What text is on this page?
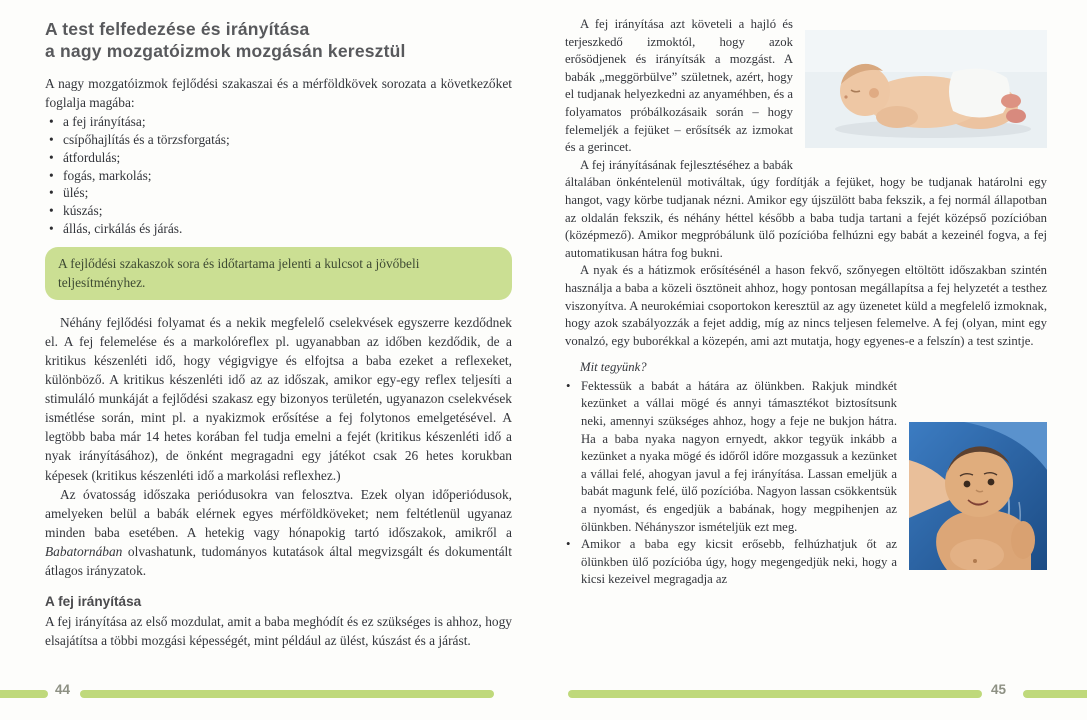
A test felfedezése és irányítása
a nagy mozgatóizmok mozgásán keresztül

A nagy mozgatóizmok fejlődési szakaszai és a mérföldkövek sorozata a következőket foglalja magába:

• a fej irányítása;
• csípőhajlítás és a törzsforgatás;
• átfordulás;
• fogás, markolás;
• ülés;
• kúszás;
• állás, cirkálás és járás.

A fejlődési szakaszok sora és időtartama jelenti a kulcsot a jövőbeli teljesítményhez.

Néhány fejlődési folyamat és a nekik megfelelő cselekvések egyszerre kezdődnek el. A fej felemelése és a markolóreflex pl. ugyanabban az időben kezdődik, de a kritikus készenléti idő, hogy végigvigye és elfojtsa a baba ezeket a reflexeket, különböző. A kritikus készenléti idő az az időszak, amikor egy-egy reflex teljesíti a stimuláló munkáját a fejlődési szakasz egy bizonyos területén, ugyanazon cselekvések ismétlése során, mint pl. a nyakizmok erősítése a fej folytonos emelgetésével. A legtöbb baba már 14 hetes korában fel tudja emelni a fejét (kritikus készenléti idő a nyak irányításához), de önként megragadni egy játékot csak 26 hetes korukban képesek (kritikus készenléti idő a markolási reflexhez.)

Az óvatosság időszaka periódusokra van felosztva. Ezek olyan időperiódusok, amelyeken belül a babák elérnek egyes mérföldköveket; nem feltétlenül ugyanaz minden baba esetében. A hetekig vagy hónapokig tartó időszakok, amikről a Babatornában olvashatunk, tudományos kutatások által megvizsgált és dokumentált átlagos irányzatok.

A fej irányítása

A fej irányítása az első mozdulat, amit a baba meghódít és ez szükséges is ahhoz, hogy elsajátítsa a többi mozgási képességét, mint például az ülést, kúszást és a járást.

A fej irányítása azt követeli a hajló és terjeszkedő izmoktól, hogy azok erősödjenek és irányítsák a mozgást. A babák „meggörbülve” születnek, azért, hogy el tudjanak helyezkedni az anyaméhben, és a folyamatos próbálkozásaik során – hogy felemeljék a fejüket – erősítsék az izmokat és a gerincet.

A fej irányításának fejlesztéséhez a babák általában önkéntelenül motiváltak, úgy fordítják a fejüket, hogy be tudjanak határolni egy hangot, vagy körbe tudjanak nézni. Amikor egy újszülött baba fekszik, a fej normál állapotban az oldalán fekszik, és néhány héttel később a baba tudja tartani a fejét középső pozícióban (középmező). Amikor megpróbálunk ülő pozícióba felhúzni egy babát a kezeinél fogva, a fej automatikusan hátra fog bukni.

A nyak és a hátizmok erősítésénél a hason fekvő, szőnyegen eltöltött időszakban szintén használja a baba a közeli ösztöneit ahhoz, hogy pontosan megállapítsa a fej helyzetét a testhez viszonyítva. A neurokémiai csoportokon keresztül az agy üzenetet küld a megfelelő izmoknak, hogy azok szabályozzák a fejet addig, míg az nincs teljesen felemelve. A fej (olyan, mint egy vonalzó, egy buborékkal a közepén, ami azt mutatja, hogy egyenes-e a felszín) a test szintje.

Mit tegyünk?

• Fektessük a babát a hátára az ölünkben. Rakjuk mindkét kezünket a vállai mögé és annyi támasztékot biztosítsunk neki, amennyi szükséges ahhoz, hogy a feje ne bukjon hátra. Ha a baba nyaka nagyon ernyedt, akkor tegyük inkább a kezünket a nyaka mögé és időről időre mozgassuk a kezünket a vállai felé, ahogyan javul a fej irányítása. Lassan emeljük a babát magunk felé, ülő pozícióba. Nagyon lassan csökkentsük a nyomást, és engedjük a babának, hogy megpihenjen az ölünkben. Néhányszor ismételjük ezt meg.
• Amikor a baba egy kicsit erősebb, felhúzhatjuk őt az ölünkben ülő pozícióba úgy, hogy megengedjük neki, hogy a kicsi kezeivel megragadja az
44	45
